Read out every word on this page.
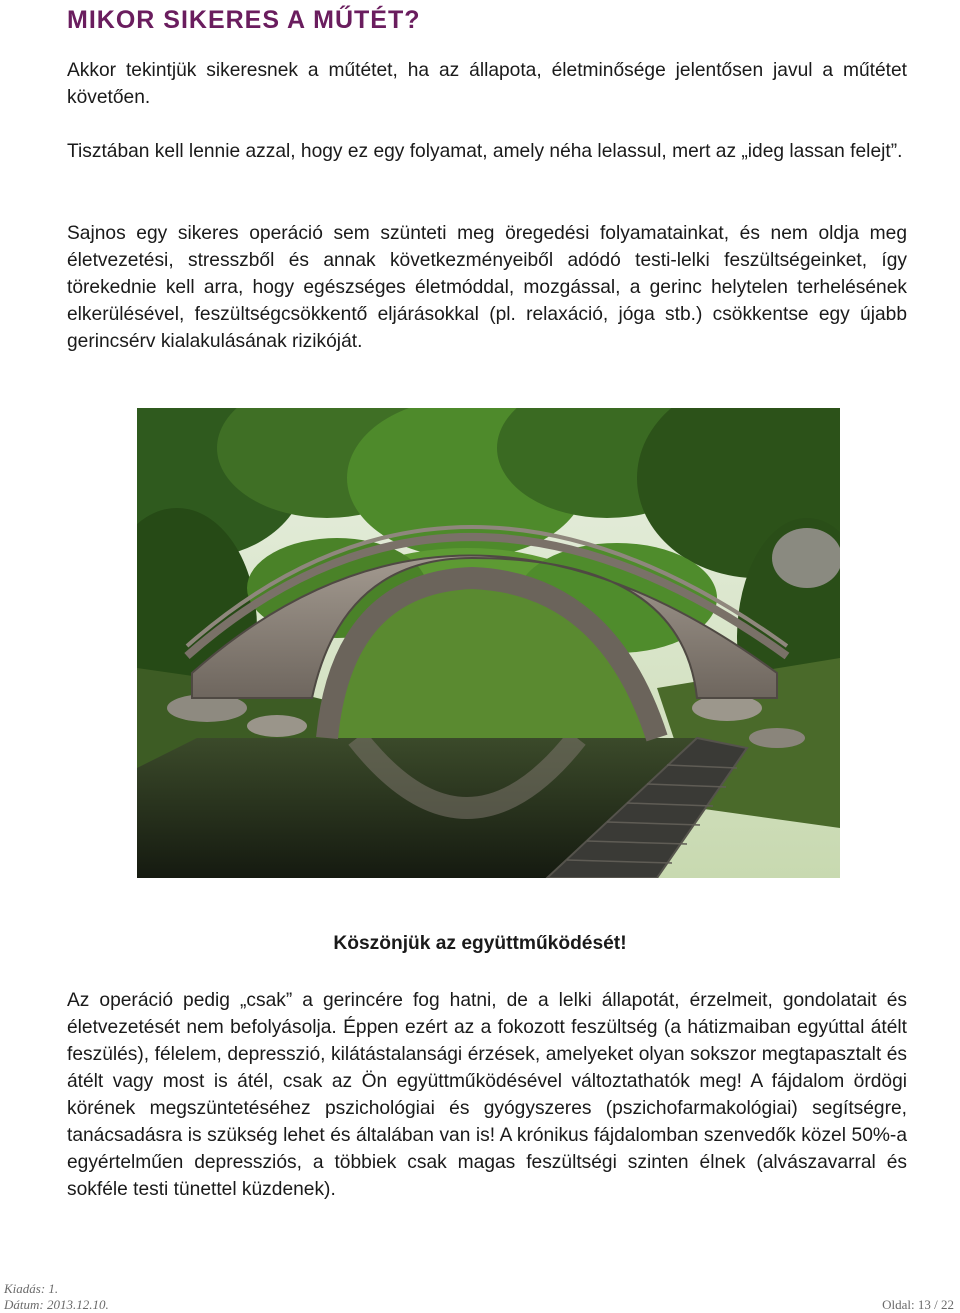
MIKOR SIKERES A MŰTÉT?

Akkor tekintjük sikeresnek a műtétet, ha az állapota, életminősége jelentősen javul a műtétet követően.

Tisztában kell lennie azzal, hogy ez egy folyamat, amely néha lelassul, mert az „ideg lassan felejt”.

Sajnos egy sikeres operáció sem szünteti meg öregedési folyamatainkat, és nem oldja meg életvezetési, stresszből és annak következményeiből adódó testi-lelki feszültségeinket, így törekednie kell arra, hogy egészséges életmóddal, mozgással, a gerinc helytelen terhelésének elkerülésével, feszültségcsökkentő eljárásokkal (pl. relaxáció, jóga stb.) csökkentse egy újabb gerincsérv kialakulásának rizikóját.

Köszönjük az együttműködését!

Az operáció pedig „csak” a gerincére fog hatni, de a lelki állapotát, érzelmeit, gondolatait és életvezetését nem befolyásolja. Éppen ezért az a fokozott feszültség (a hátizmaiban egyúttal átélt feszülés), félelem, depresszió, kilátástalansági érzések, amelyeket olyan sokszor megtapasztalt és átélt vagy most is átél, csak az Ön együttműködésével változtathatók meg! A fájdalom ördögi körének megszüntetéséhez pszichológiai és gyógyszeres (pszichofarmakológiai) segítségre, tanácsadásra is szükség lehet és általában van is! A krónikus fájdalomban szenvedők közel 50%-a egyértelműen depressziós, a többiek csak magas feszültségi szinten élnek (alvászavarral és sokféle testi tünettel küzdenek).

Kiadás: 1.
Dátum: 2013.12.10.	Oldal: 13 / 22
